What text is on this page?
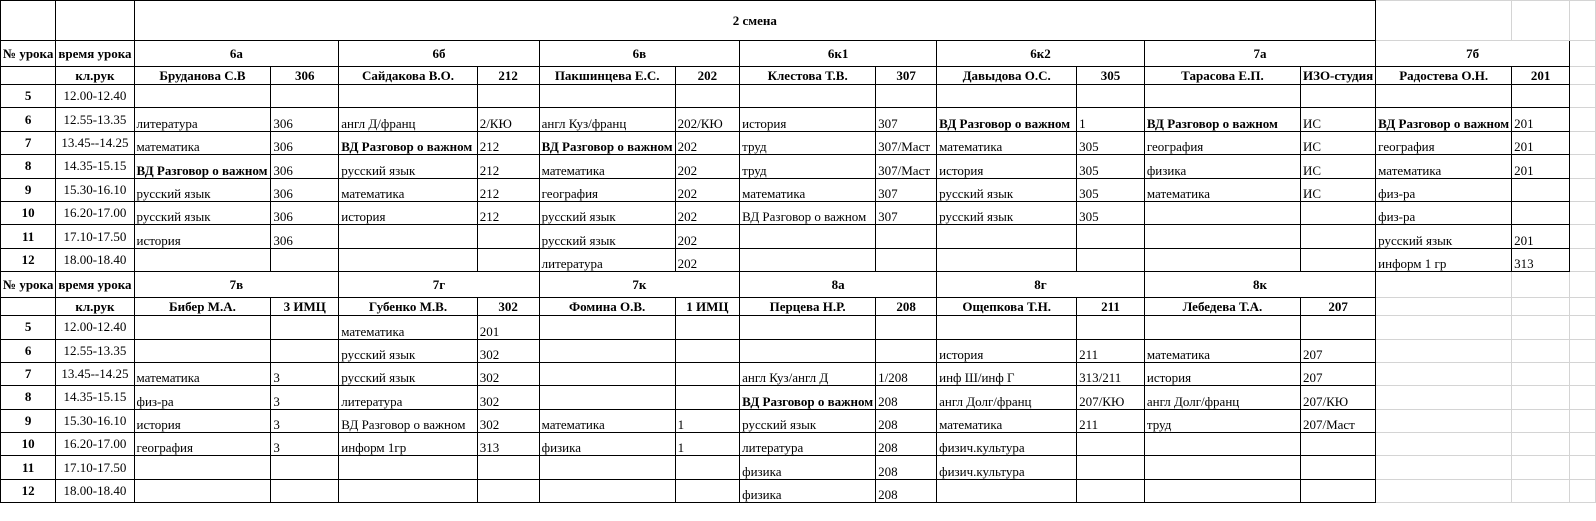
		2 смена														
№ урока	время урока	6а		6б		6в		6к1		6к2		7а		7б		
	кл.рук	Бруданова С.В	306	Сайдакова В.О.	212	Пакшинцева Е.С.	202	Клестова Т.В.	307	Давыдова О.С.	305	Тарасова Е.П.	ИЗО-студия	Радостева О.Н.	201	
5	12.00-12.40															
6	12.55-13.35	литература	306	англ Д/франц	2/КЮ	англ Куз/франц	202/КЮ	история	307	ВД Разговор о важном	1	ВД Разговор о важном	ИС	ВД Разговор о важном	201	
7	13.45--14.25	математика	306	ВД Разговор о важном	212	ВД Разговор о важном	202	труд	307/Маст	математика	305	география	ИС	география	201	
8	14.35-15.15	ВД Разговор о важном	306	русский язык	212	математика	202	труд	307/Маст	история	305	физика	ИС	математика	201	
9	15.30-16.10	русский язык	306	математика	212	география	202	математика	307	русский язык	305	математика	ИС	физ-ра		
10	16.20-17.00	русский язык	306	история	212	русский язык	202	ВД Разговор о важном	307	русский язык	305			физ-ра		
11	17.10-17.50	история	306			русский язык	202							русский язык	201	
12	18.00-18.40					литература	202							информ 1 гр	313	
№ урока	время урока	7в		7г		7к		8а		8г		8к				
	кл.рук	Бибер М.А.	3 ИМЦ	Губенко М.В.	302	Фомина О.В.	1 ИМЦ	Перцева Н.Р.	208	Ощепкова Т.Н.	211	Лебедева Т.А.	207			
5	12.00-12.40			математика	201											
6	12.55-13.35			русский язык	302					история	211	математика	207			
7	13.45--14.25	математика	3	русский язык	302			англ Куз/англ Д	1/208	инф Ш/инф Г	313/211	история	207			
8	14.35-15.15	физ-ра	3	литература	302			ВД Разговор о важном	208	англ Долг/франц	207/КЮ	англ Долг/франц	207/КЮ			
9	15.30-16.10	история	3	ВД Разговор о важном	302	математика	1	русский язык	208	математика	211	труд	207/Маст			
10	16.20-17.00	география	3	информ 1гр	313	физика	1	литература	208	физич.культура						
11	17.10-17.50							физика	208	физич.культура						
12	18.00-18.40							физика	208							
